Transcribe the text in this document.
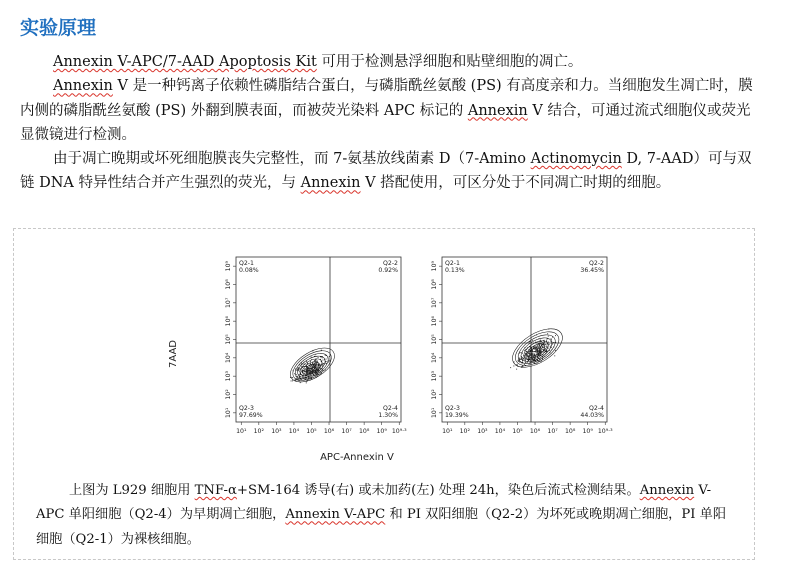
实验原理

Annexin V-APC/7-AAD Apoptosis Kit 可用于检测悬浮细胞和贴壁细胞的凋亡。

Annexin V 是一种钙离子依赖性磷脂结合蛋白，与磷脂酰丝氨酸 (PS) 有高度亲和力。当细胞发生凋亡时，膜内侧的磷脂酰丝氨酸 (PS) 外翻到膜表面，而被荧光染料 APC 标记的 Annexin V 结合，可通过流式细胞仪或荧光显微镜进行检测。

由于凋亡晚期或坏死细胞膜丧失完整性，而 7-氨基放线菌素 D（7-Amino Actinomycin D, 7-AAD）可与双链 DNA 特异性结合并产生强烈的荧光，与 Annexin V 搭配使用，可区分处于不同凋亡时期的细胞。

10¹ 10² 10³ 10⁴ 10⁵ 10⁶ 10⁷ 10⁸ 10⁹ 10⁹·³
10¹
10²
10³
10⁴
10⁵
10⁶
10⁷
10⁸
10⁹ Q2-1
0.08%
Q2-2
0.92%
Q2-3
97.69%
Q2-4
1.30%
10¹ 10² 10³ 10⁴ 10⁵ 10⁶ 10⁷ 10⁸ 10⁹ 10⁹·³
10¹
10²
10³
10⁴
10⁵
10⁶
10⁷
10⁸
10⁹ Q2-1
0.13%
Q2-2
36.45%
Q2-3
19.39%
Q2-4
44.03%
7AAD
APC-Annexin V

上图为 L929 细胞用 TNF-α+SM-164 诱导(右) 或未加药(左) 处理 24h，染色后流式检测结果。Annexin V-APC 单阳细胞（Q2-4）为早期凋亡细胞，Annexin V-APC 和 PI 双阳细胞（Q2-2）为坏死或晚期凋亡细胞，PI 单阳细胞（Q2-1）为裸核细胞。
